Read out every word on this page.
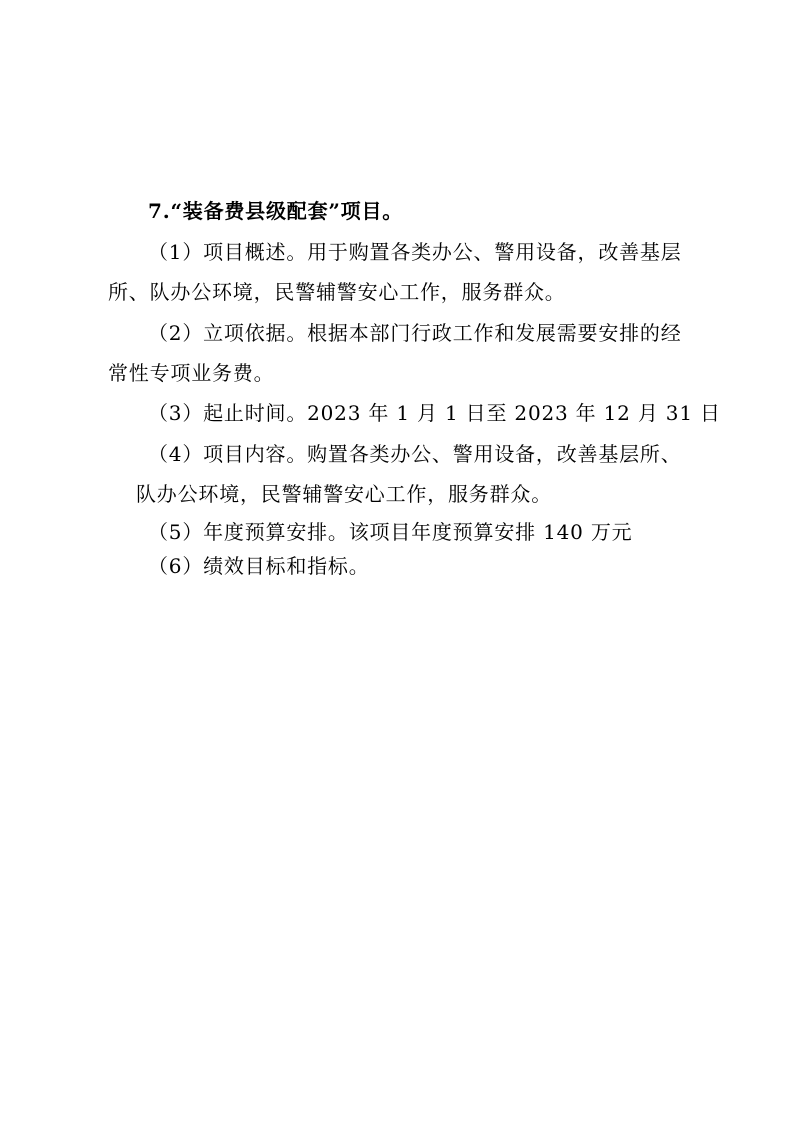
7.“装备费县级配套”项目。
（1）项目概述。用于购置各类办公、警用设备，改善基层
所、队办公环境，民警辅警安心工作，服务群众。
（2）立项依据。根据本部门行政工作和发展需要安排的经
常性专项业务费。
（3）起止时间。2023 年 1 月 1 日至 2023 年 12 月 31 日
（4）项目内容。购置各类办公、警用设备，改善基层所、
队办公环境，民警辅警安心工作，服务群众。
（5）年度预算安排。该项目年度预算安排 140 万元
（6）绩效目标和指标。
